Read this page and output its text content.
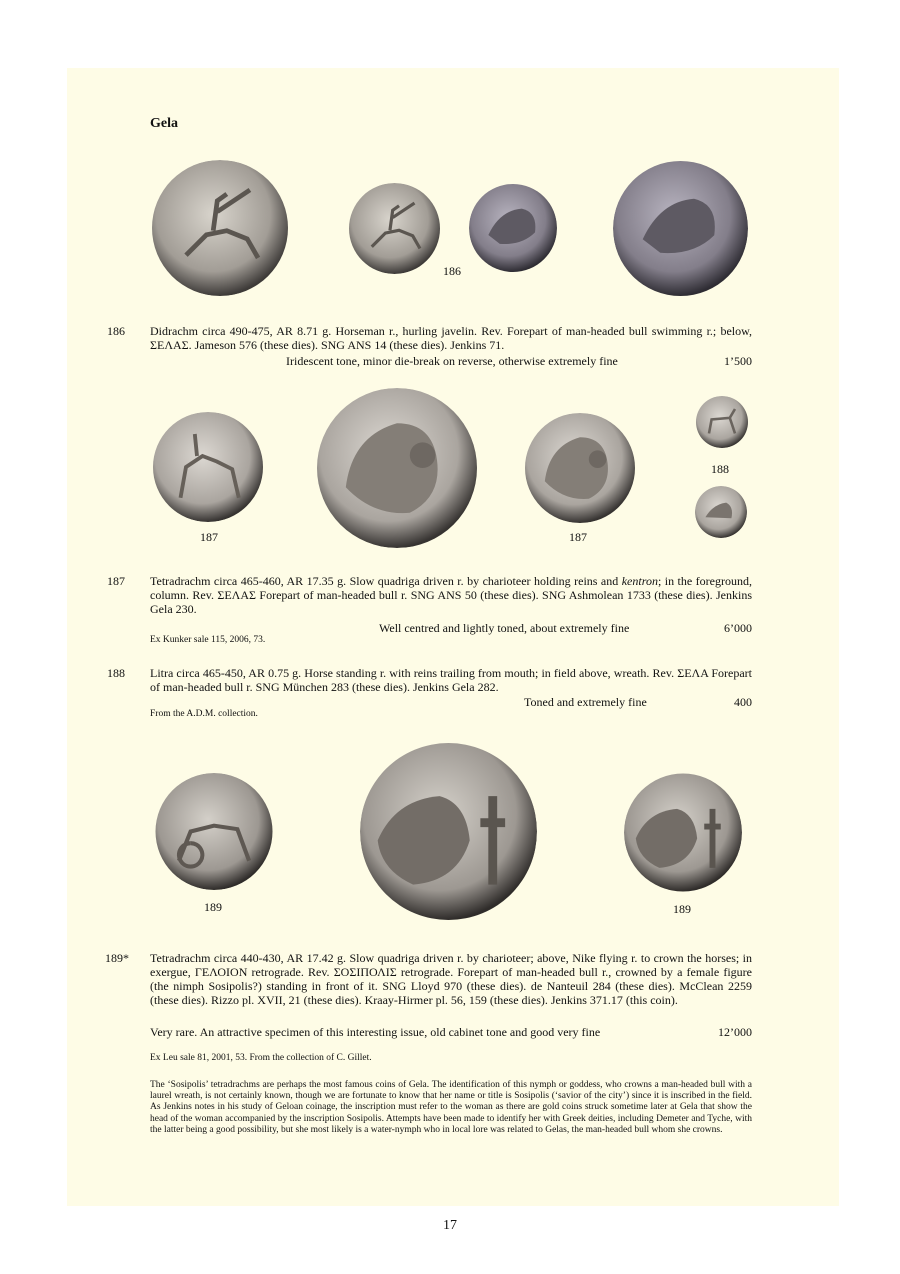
Gela
186
186 Didrachm circa 490-475, AR 8.71 g. Horseman r., hurling javelin. Rev. Forepart of man-headed bull swimming r.; below, ΣΕΛΑΣ. Jameson 576 (these dies). SNG ANS 14 (these dies). Jenkins 71.
Iridescent tone, minor die-break on reverse, otherwise extremely fine	1’500
187	187
188
187 Tetradrachm circa 465-460, AR 17.35 g. Slow quadriga driven r. by charioteer holding reins and kentron; in the foreground, column. Rev. ΣΕΛΑΣ Forepart of man-headed bull r. SNG ANS 50 (these dies). SNG Ashmolean 1733 (these dies). Jenkins Gela 230.
Well centred and lightly toned, about extremely fine	6’000
Ex Kunker sale 115, 2006, 73.
188 Litra circa 465-450, AR 0.75 g. Horse standing r. with reins trailing from mouth; in field above, wreath. Rev. ΣΕΛΑ Forepart of man-headed bull r. SNG München 283 (these dies). Jenkins Gela 282.
Toned and extremely fine	400
From the A.D.M. collection.
189	189
189* Tetradrachm circa 440-430, AR 17.42 g. Slow quadriga driven r. by charioteer; above, Nike flying r. to crown the horses; in exergue, ΓΕΛΟΙΟΝ retrograde. Rev. ΣΟΣΙΠΟΛΙΣ retrograde. Forepart of man-headed bull r., crowned by a female figure (the nimph Sosipolis?) standing in front of it. SNG Lloyd 970 (these dies). de Nanteuil 284 (these dies). McClean 2259 (these dies). Rizzo pl. XVII, 21 (these dies). Kraay-Hirmer pl. 56, 159 (these dies). Jenkins 371.17 (this coin).
Very rare. An attractive specimen of this interesting issue, old cabinet tone and good very fine	12’000
Ex Leu sale 81, 2001, 53. From the collection of C. Gillet.
The ‘Sosipolis’ tetradrachms are perhaps the most famous coins of Gela. The identification of this nymph or goddess, who crowns a man-headed bull with a laurel wreath, is not certainly known, though we are fortunate to know that her name or title is Sosipolis (‘savior of the city’) since it is inscribed in the field. As Jenkins notes in his study of Geloan coinage, the inscription must refer to the woman as there are gold coins struck sometime later at Gela that show the head of the woman accompanied by the inscription Sosipolis. Attempts have been made to identify her with Greek deities, including Demeter and Tyche, with the latter being a good possibility, but she most likely is a water-nymph who in local lore was related to Gelas, the man-headed bull whom she crowns.
17
